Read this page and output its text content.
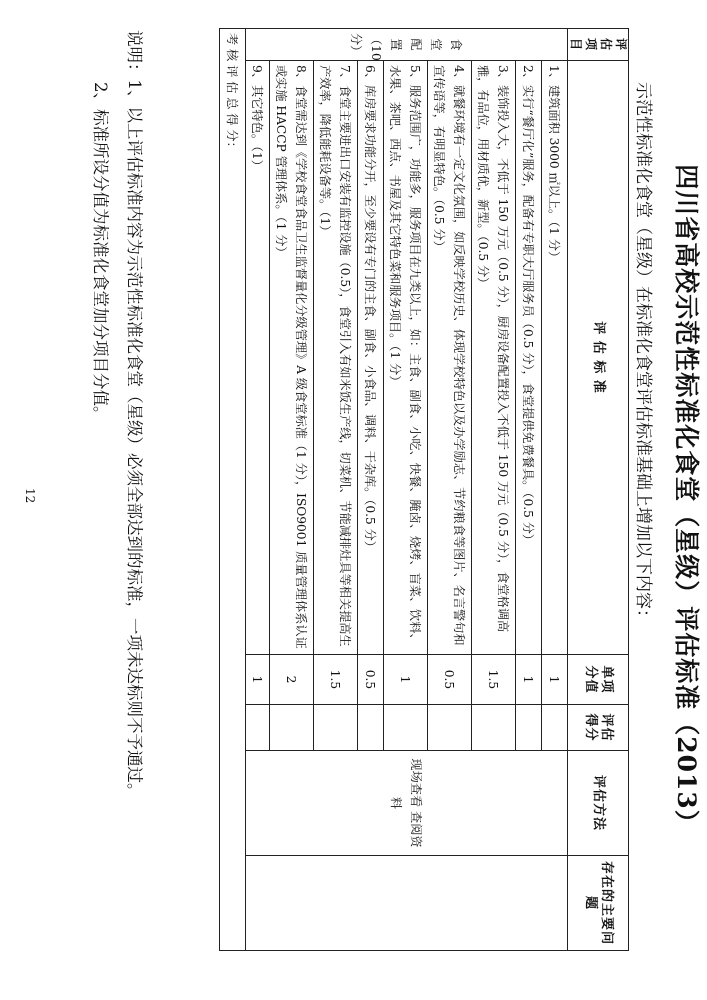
四川省高校示范性标准化食堂（星级）评估标准（2013）
示范性标准化食堂（星级）在标准化食堂评估标准基础上增加以下内容：
评 估 项 目	评 估 标 准	单项分值	评估得分	评估方法	存在的主要问题
食堂配置（10分）	1、建筑面积 3000 ㎡以上。（1 分）	1		现场查看 查阅资料	
	2、实行“餐厅化”服务，配备有专职大厅服务员（0.5 分），食堂提供免费餐具。（0.5 分）	1			
	3、装饰投入大，不低于 150 万元（0.5 分），厨房设备配置投入不低于 150 万元（0.5 分），食堂格调高雅，有品位，用材质优，新型。（0.5 分）	1.5			
	4、就餐环境有一定文化氛围，如反映学校历史、体现学校特色以及办学励志、节约粮食等图片、名言警句和宣传语等，有明显特色。（0.5 分）	0.5			
	5、服务范围广，功能多，服务项目在九类以上，如：主食、副食、小吃、快餐、腌卤、烧烤、盲菜、饮料、水果、茶吧、西点、书屋及其它特色菜和服务项目。（1 分）	1			
	6、库房要求功能分开，至少要设有专门的主食、副食、小食品、调料、干杂库。（0.5 分）	0.5			
	7、食堂主要进出口安装有监控设施（0.5），食堂引入有如米饭生产线，切菜机、节能减排灶具等相关提高生产效率，降低能耗设备等。（1）	1.5			
	8、食堂需达到《学校食堂食品卫生监督量化分级管理》A 级食堂标准（1 分），ISO9001 质量管理体系认证或实施 HACCP 管理体系。（1 分）	2			
	9、其它特色。（1）	1			
考 核 评 估 总 得 分：					
说明：1、以上评估标准内容为示范性标准化食堂（星级）必须全部达到的标准，一项未达标则不予通过。
2、标准所设分值为标准化食堂加分项目分值。
12
